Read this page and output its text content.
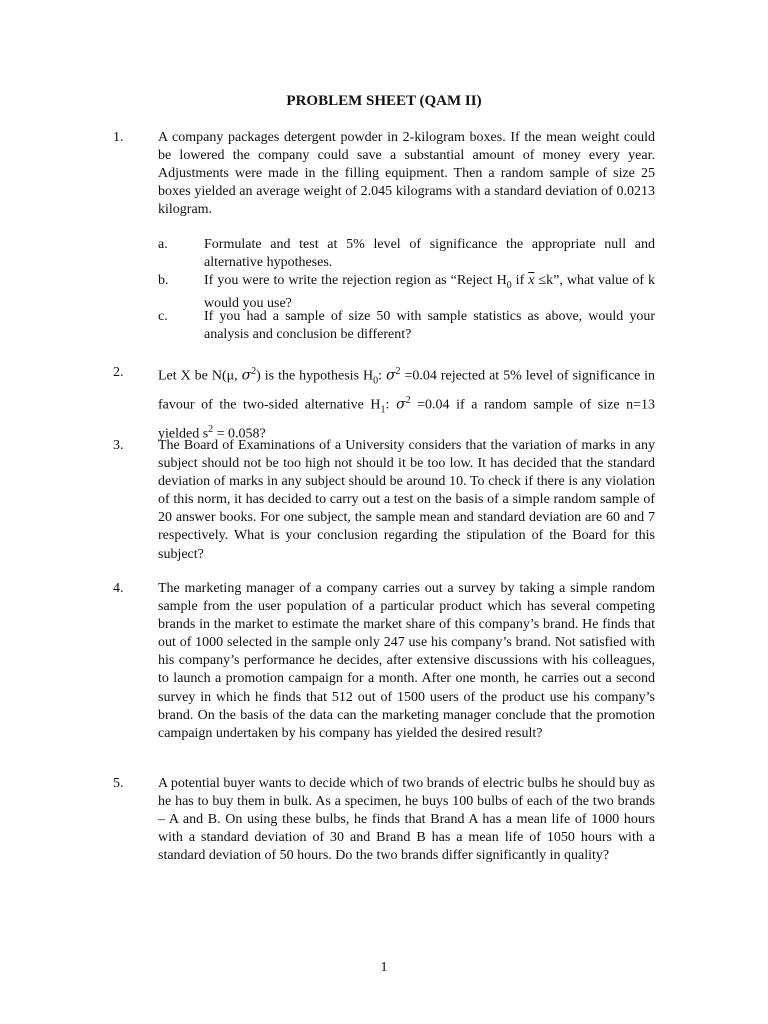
PROBLEM SHEET (QAM II)
1. A company packages detergent powder in 2-kilogram boxes. If the mean weight could be lowered the company could save a substantial amount of money every year. Adjustments were made in the filling equipment. Then a random sample of size 25 boxes yielded an average weight of 2.045 kilograms with a standard deviation of 0.0213 kilogram.
a.	Formulate and test at 5% level of significance the appropriate null and alternative hypotheses.
b.	If you were to write the rejection region as “Reject $H_0$ if $\overline{x} \le k$”, what value of k would you use?
c.	If you had a sample of size 50 with sample statistics as above, would your analysis and conclusion be different?
2. Let X be N(μ, $\sigma^2$) is the hypothesis $H_0$: $\sigma^2 =0.04$ rejected at 5% level of significance in favour of the two-sided alternative $H_1$: $\sigma^2 =0.04$ if a random sample of size n=13 yielded $s^2 = 0.058$?
3. The Board of Examinations of a University considers that the variation of marks in any subject should not be too high not should it be too low. It has decided that the standard deviation of marks in any subject should be around 10. To check if there is any violation of this norm, it has decided to carry out a test on the basis of a simple random sample of 20 answer books. For one subject, the sample mean and standard deviation are 60 and 7 respectively. What is your conclusion regarding the stipulation of the Board for this subject?
4. The marketing manager of a company carries out a survey by taking a simple random sample from the user population of a particular product which has several competing brands in the market to estimate the market share of this company’s brand. He finds that out of 1000 selected in the sample only 247 use his company’s brand. Not satisfied with his company’s performance he decides, after extensive discussions with his colleagues, to launch a promotion campaign for a month. After one month, he carries out a second survey in which he finds that 512 out of 1500 users of the product use his company’s brand. On the basis of the data can the marketing manager conclude that the promotion campaign undertaken by his company has yielded the desired result?
5. A potential buyer wants to decide which of two brands of electric bulbs he should buy as he has to buy them in bulk. As a specimen, he buys 100 bulbs of each of the two brands – A and B. On using these bulbs, he finds that Brand A has a mean life of 1000 hours with a standard deviation of 30 and Brand B has a mean life of 1050 hours with a standard deviation of 50 hours. Do the two brands differ significantly in quality?
1
